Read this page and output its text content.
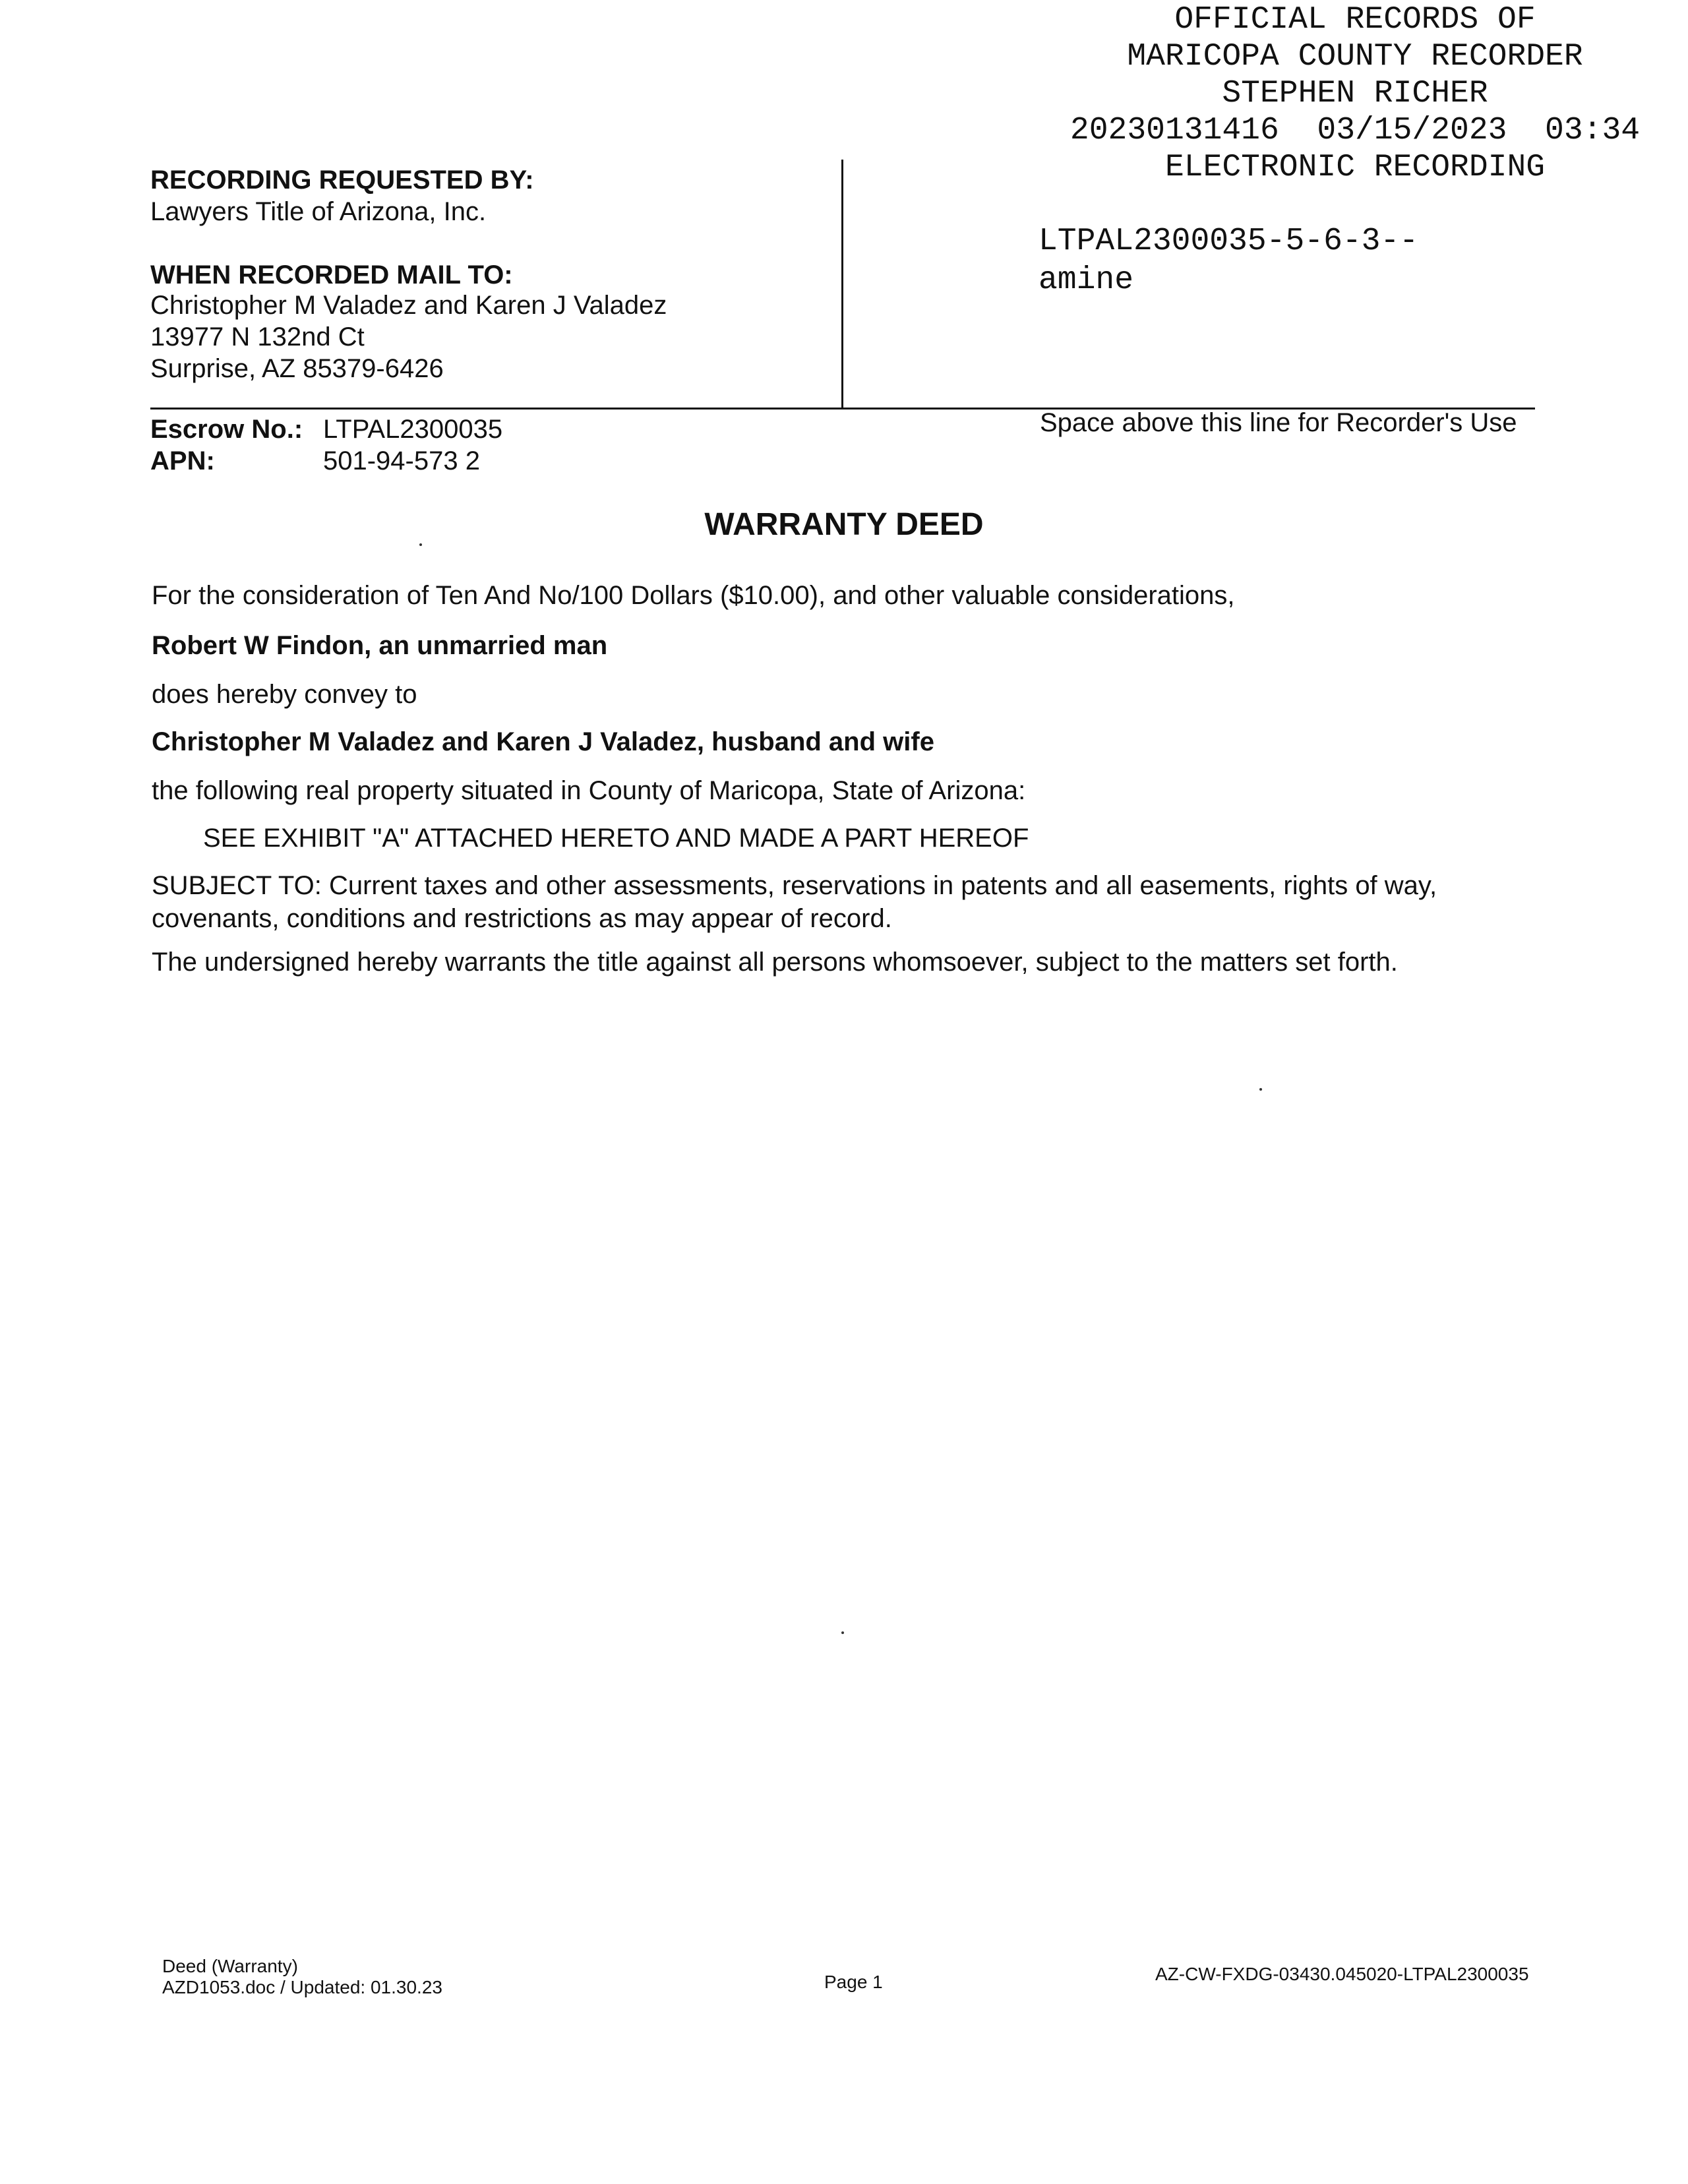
OFFICIAL RECORDS OF
MARICOPA COUNTY RECORDER
STEPHEN RICHER
20230131416  03/15/2023  03:34
ELECTRONIC RECORDING
LTPAL2300035-5-6-3--
amine
RECORDING REQUESTED BY:
Lawyers Title of Arizona, Inc.
WHEN RECORDED MAIL TO:
Christopher M Valadez and Karen J Valadez
13977 N 132nd Ct
Surprise, AZ 85379-6426
Escrow No.: LTPAL2300035
APN:	501-94-573 2
Space above this line for Recorder's Use
WARRANTY DEED
For the consideration of Ten And No/100 Dollars ($10.00), and other valuable considerations,
Robert W Findon, an unmarried man
does hereby convey to
Christopher M Valadez and Karen J Valadez, husband and wife
the following real property situated in County of Maricopa, State of Arizona:
SEE EXHIBIT "A" ATTACHED HERETO AND MADE A PART HEREOF
SUBJECT TO: Current taxes and other assessments, reservations in patents and all easements, rights of way,
covenants, conditions and restrictions as may appear of record.
The undersigned hereby warrants the title against all persons whomsoever, subject to the matters set forth.
Deed (Warranty)
AZD1053.doc / Updated: 01.30.23	Page 1	AZ-CW-FXDG-03430.045020-LTPAL2300035
